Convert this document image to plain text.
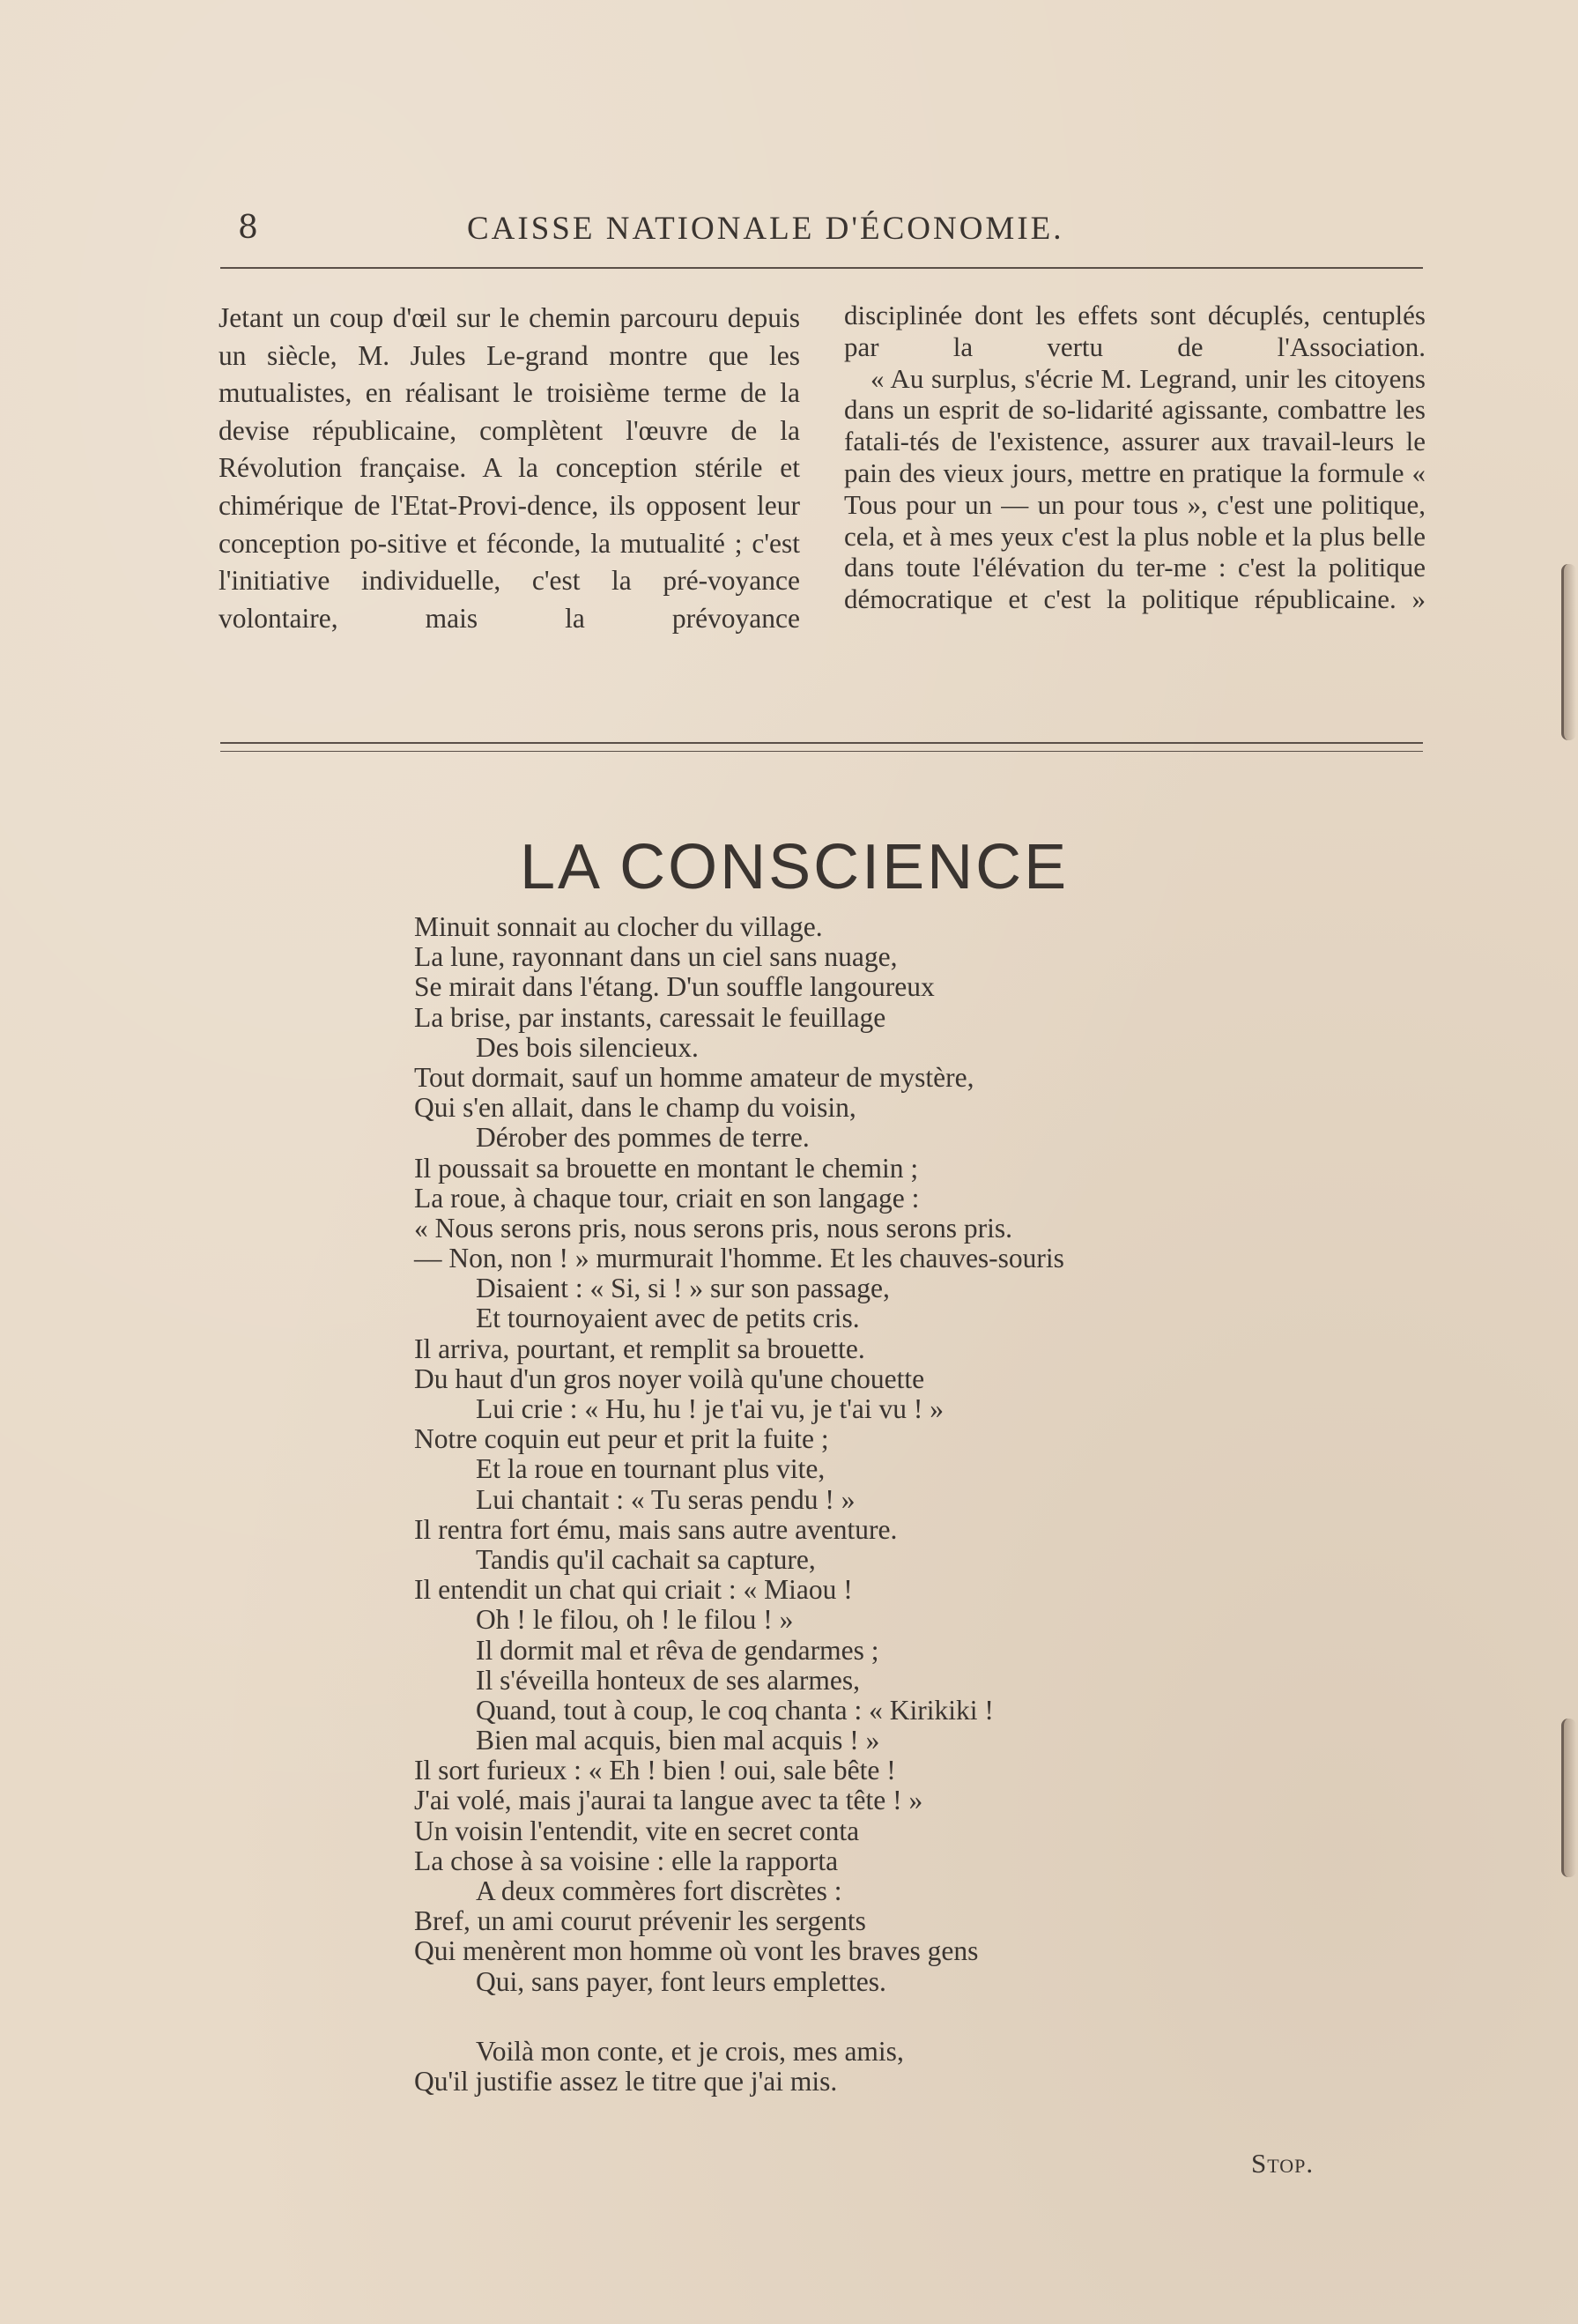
8	CAISSE NATIONALE D'ÉCONOMIE.

Jetant un coup d'œil sur le chemin parcouru depuis un siècle, M. Jules Le-grand montre que les mutualistes, en réalisant le troisième terme de la devise républicaine, complètent l'œuvre de la Révolution française. A la conception stérile et chimérique de l'Etat-Provi-dence, ils opposent leur conception po-sitive et féconde, la mutualité ; c'est l'initiative individuelle, c'est la pré-voyance volontaire, mais la prévoyance

disciplinée dont les effets sont décuplés, centuplés par la vertu de l'Association.

« Au surplus, s'écrie M. Legrand, unir les citoyens dans un esprit de so-lidarité agissante, combattre les fatali-tés de l'existence, assurer aux travail-leurs le pain des vieux jours, mettre en pratique la formule « Tous pour un — un pour tous », c'est une politique, cela, et à mes yeux c'est la plus noble et la plus belle dans toute l'élévation du ter-me : c'est la politique démocratique et c'est la politique républicaine. »

LA CONSCIENCE
Minuit sonnait au clocher du village.
La lune, rayonnant dans un ciel sans nuage,
Se mirait dans l'étang. D'un souffle langoureux
La brise, par instants, caressait le feuillage
Des bois silencieux.
Tout dormait, sauf un homme amateur de mystère,
Qui s'en allait, dans le champ du voisin,
Dérober des pommes de terre.
Il poussait sa brouette en montant le chemin ;
La roue, à chaque tour, criait en son langage :
« Nous serons pris, nous serons pris, nous serons pris.
— Non, non ! » murmurait l'homme. Et les chauves-souris
Disaient : « Si, si ! » sur son passage,
Et tournoyaient avec de petits cris.
Il arriva, pourtant, et remplit sa brouette.
Du haut d'un gros noyer voilà qu'une chouette
Lui crie : « Hu, hu ! je t'ai vu, je t'ai vu ! »
Notre coquin eut peur et prit la fuite ;
Et la roue en tournant plus vite,
Lui chantait : « Tu seras pendu ! »
Il rentra fort ému, mais sans autre aventure.
Tandis qu'il cachait sa capture,
Il entendit un chat qui criait : « Miaou !
Oh ! le filou, oh ! le filou ! »
Il dormit mal et rêva de gendarmes ;
Il s'éveilla honteux de ses alarmes,
Quand, tout à coup, le coq chanta : « Kirikiki !
Bien mal acquis, bien mal acquis ! »
Il sort furieux : « Eh ! bien ! oui, sale bête !
J'ai volé, mais j'aurai ta langue avec ta tête ! »
Un voisin l'entendit, vite en secret conta
La chose à sa voisine : elle la rapporta
A deux commères fort discrètes :
Bref, un ami courut prévenir les sergents
Qui menèrent mon homme où vont les braves gens
Qui, sans payer, font leurs emplettes.
Voilà mon conte, et je crois, mes amis,
Qu'il justifie assez le titre que j'ai mis.
Stop.
